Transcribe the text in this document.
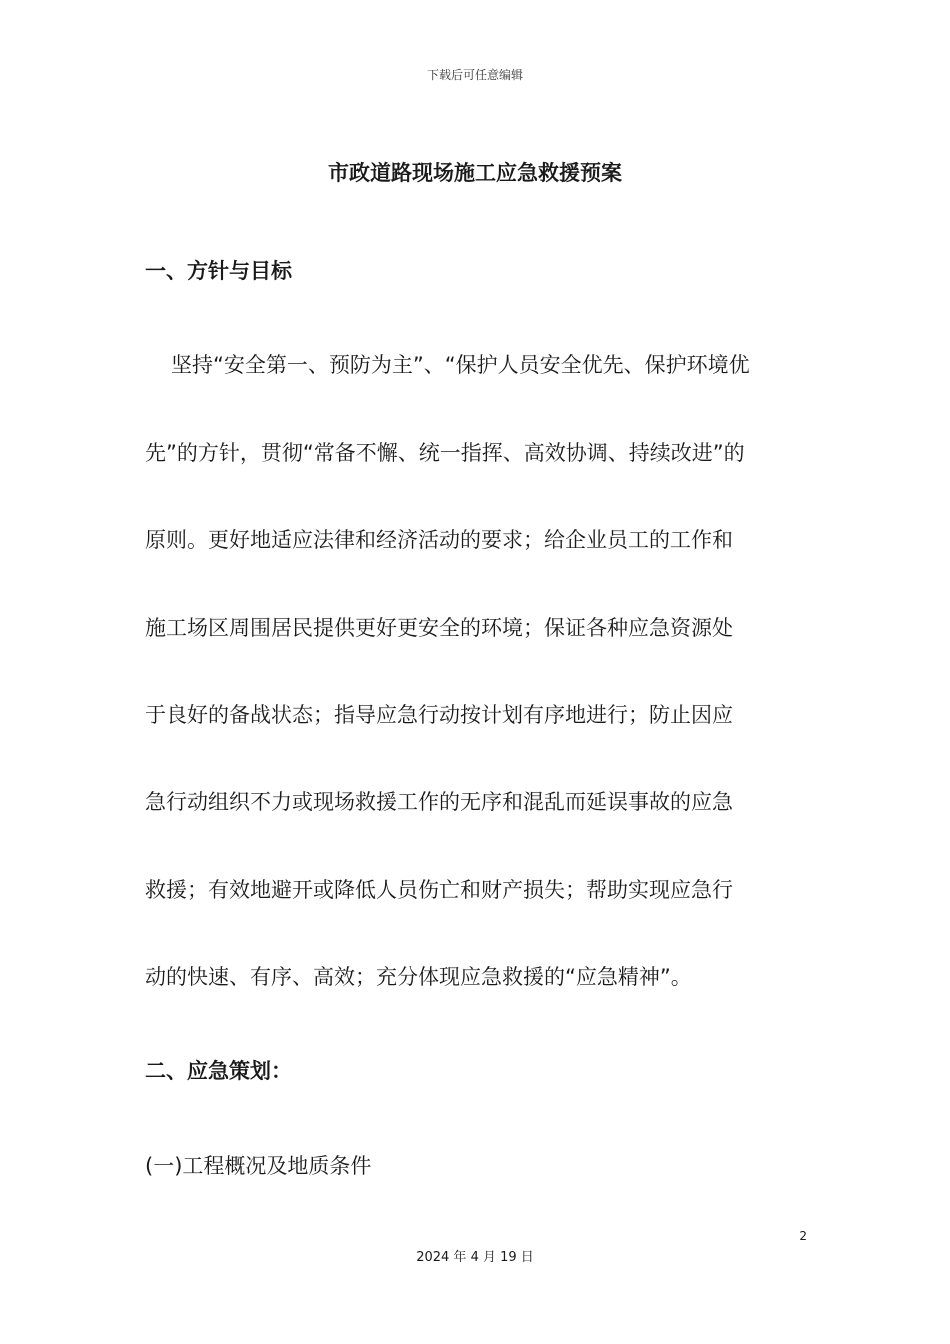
下载后可任意编辑
市政道路现场施工应急救援预案
一、方针与目标
坚持“安全第一、预防为主”、“保护人员安全优先、保护环境优
先”的方针，贯彻“常备不懈、统一指挥、高效协调、持续改进”的
原则。更好地适应法律和经济活动的要求；给企业员工的工作和
施工场区周围居民提供更好更安全的环境；保证各种应急资源处
于良好的备战状态；指导应急行动按计划有序地进行；防止因应
急行动组织不力或现场救援工作的无序和混乱而延误事故的应急
救援；有效地避开或降低人员伤亡和财产损失；帮助实现应急行
动的快速、有序、高效；充分体现应急救援的“应急精神”。
二、应急策划：
(一)工程概况及地质条件
2
2024 年 4 月 19 日
